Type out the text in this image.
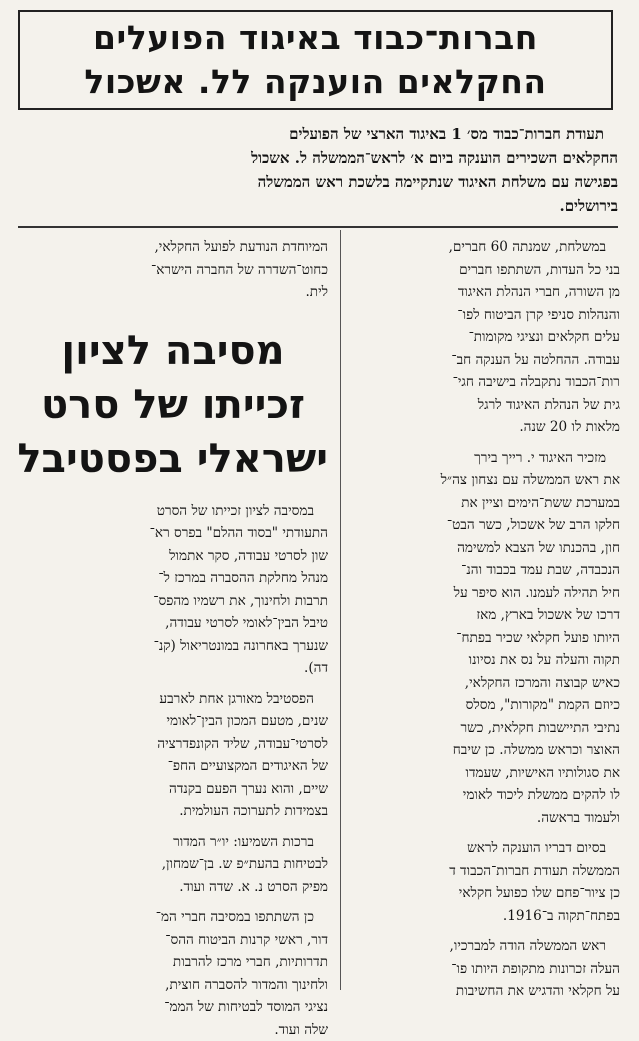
חברות־כבוד באיגוד הפועלים
החקלאים הוענקה לל. אשכול
תעודת חברות־כבוד מס׳ 1 באיגוד הארצי של הפועלים
החקלאים השכירים הוענקה ביום א׳ לראש־הממשלה ל. אשכול
בפגישה עם משלחת האיגוד שנתקיימה בלשכת ראש הממשלה
בירושלים.
במשלחת, שמנתה 60 חברים,
בני כל העדות, השתתפו חברים
מן השורה, חברי הנהלת האיגוד
והנהלות סניפי קרן הביטוח לפו־
עלים חקלאים ונציגי מקומות־
עבודה. ההחלטה על הענקה חב־
רות־הכבוד נתקבלה בישיבה חגי־
גית של הנהלת האיגוד לרגל
מלאות לו 20 שנה.
מזכיר האיגוד י. רייך בירך
את ראש הממשלה עם נצחון צה״ל
במערכת ששת־הימים וציין את
חלקו הרב של אשכול, כשר הבט־
חון, בהכנתו של הצבא למשימה
הנכבדה, שבת עמד בכבוד והנ־
חיל תהילה לעמנו. הוא סיפר על
דרכו של אשכול בארץ, מאז
היותו פועל חקלאי שכיר בפתח־
תקוה והעלה על נס את נסיונו
כאיש קבוצה והמרכז החקלאי,
כיוזם הקמת "מקורות", מסלס
נתיבי התיישבות חקלאית, כשר
האוצר וכראש ממשלה. כן שיבח
את סגולותיו האישיות, שעמדו
לו להקים ממשלת ליכוד לאומי
ולעמוד בראשה.
בסיום דבריו הוענקה לראש
הממשלה תעודת חברות־הכבוד ד
כן ציור־פחם שלו כפועל חקלאי
בפתח־תקוה ב־1916.
ראש הממשלה הודה למברכיו,
העלה זכרונות מתקופת היותו פו־
על חקלאי והדגיש את החשיבות
המיוחדת הנודעת לפועל החקלאי,
כחוט־השדרה של החברה הישרא־
לית.
מסיבה לציון
זכייתו של סרט
ישראלי בפסטיבל
במסיבה לציון זכייתו של הסרט
התעודתי "בסוד ההלם" בפרס רא־
שון לסרטי עבודה, סקר אתמול
מנהל מחלקת ההסברה במרכז ל־
תרבות ולחינוך, את רשמיו מהפס־
טיבל הבין־לאומי לסרטי עבודה,
שנערך באחרונה במונטריאול (קנ־
דה).
הפסטיבל מאורגן אחת לארבע
שנים, מטעם המכון הבין־לאומי
לסרטי־עבודה, שליד הקונפדרציה
של האיגודים המקצועיים החפ־
שיים, והוא נערך הפעם בקנדה
בצמידות לתערוכה העולמית.
ברכות השמיעו: יו״ר המדור
לבטיחות בהעת״פ ש. בן־שמחון,
מפיק הסרט נ. א. שדה ועוד.
כן השתתפו במסיבה חברי המ־
דור, ראשי קרנות הביטוח ההס־
תדרותיות, חברי מרכז להרבות
ולחינוך והמדור להסברה חוצית,
נציגי המוסד לבטיחות של הממ־
שלה ועוד.
